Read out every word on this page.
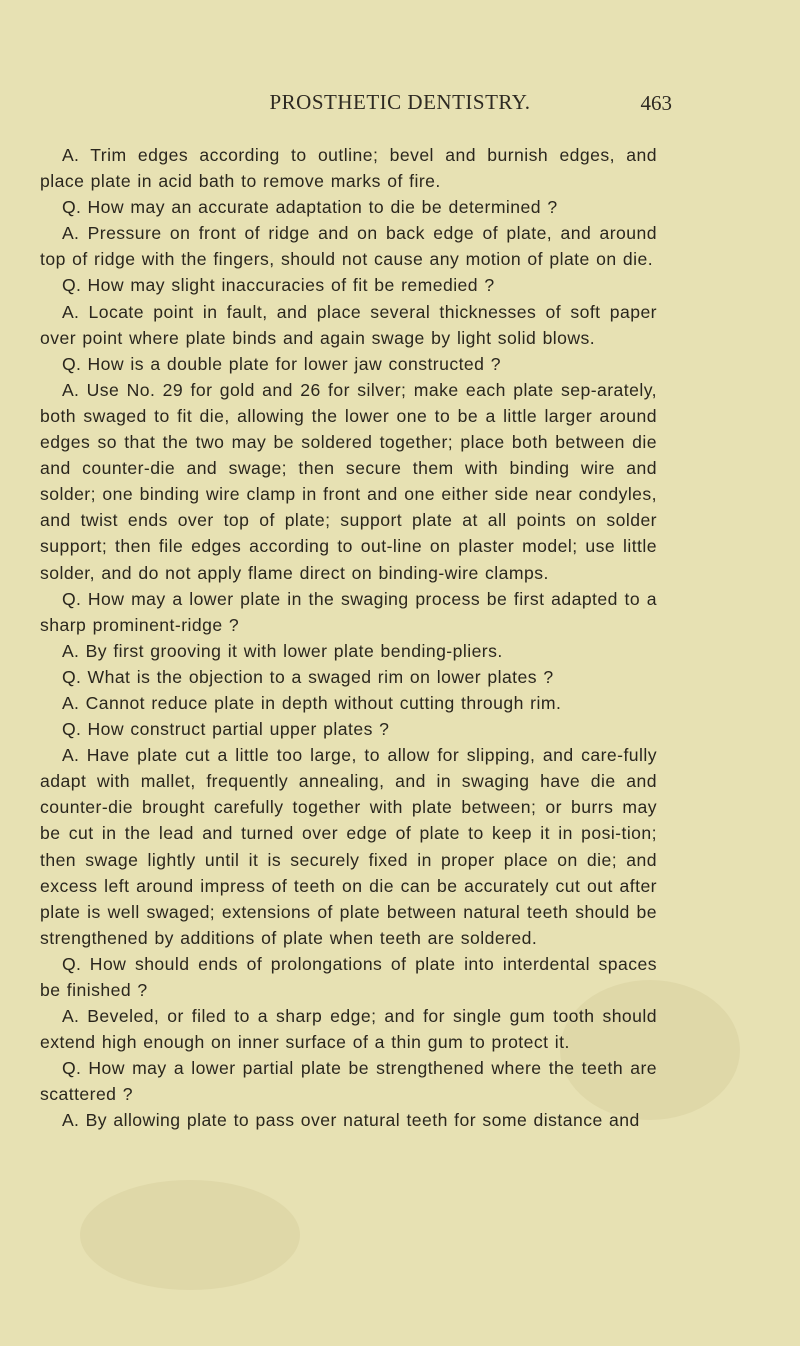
PROSTHETIC DENTISTRY.	463

A. Trim edges according to outline; bevel and burnish edges, and place plate in acid bath to remove marks of fire.

Q. How may an accurate adaptation to die be determined ?

A. Pressure on front of ridge and on back edge of plate, and around top of ridge with the fingers, should not cause any motion of plate on die.

Q. How may slight inaccuracies of fit be remedied ?

A. Locate point in fault, and place several thicknesses of soft paper over point where plate binds and again swage by light solid blows.

Q. How is a double plate for lower jaw constructed ?

A. Use No. 29 for gold and 26 for silver; make each plate sep-arately, both swaged to fit die, allowing the lower one to be a little larger around edges so that the two may be soldered together; place both between die and counter-die and swage; then secure them with binding wire and solder; one binding wire clamp in front and one either side near condyles, and twist ends over top of plate; support plate at all points on solder support; then file edges according to out-line on plaster model; use little solder, and do not apply flame direct on binding-wire clamps.

Q. How may a lower plate in the swaging process be first adapted to a sharp prominent-ridge ?

A. By first grooving it with lower plate bending-pliers.

Q. What is the objection to a swaged rim on lower plates ?

A. Cannot reduce plate in depth without cutting through rim.

Q. How construct partial upper plates ?

A. Have plate cut a little too large, to allow for slipping, and care-fully adapt with mallet, frequently annealing, and in swaging have die and counter-die brought carefully together with plate between; or burrs may be cut in the lead and turned over edge of plate to keep it in posi-tion; then swage lightly until it is securely fixed in proper place on die; and excess left around impress of teeth on die can be accurately cut out after plate is well swaged; extensions of plate between natural teeth should be strengthened by additions of plate when teeth are soldered.

Q. How should ends of prolongations of plate into interdental spaces be finished ?

A. Beveled, or filed to a sharp edge; and for single gum tooth should extend high enough on inner surface of a thin gum to protect it.

Q. How may a lower partial plate be strengthened where the teeth are scattered ?

A. By allowing plate to pass over natural teeth for some distance and
